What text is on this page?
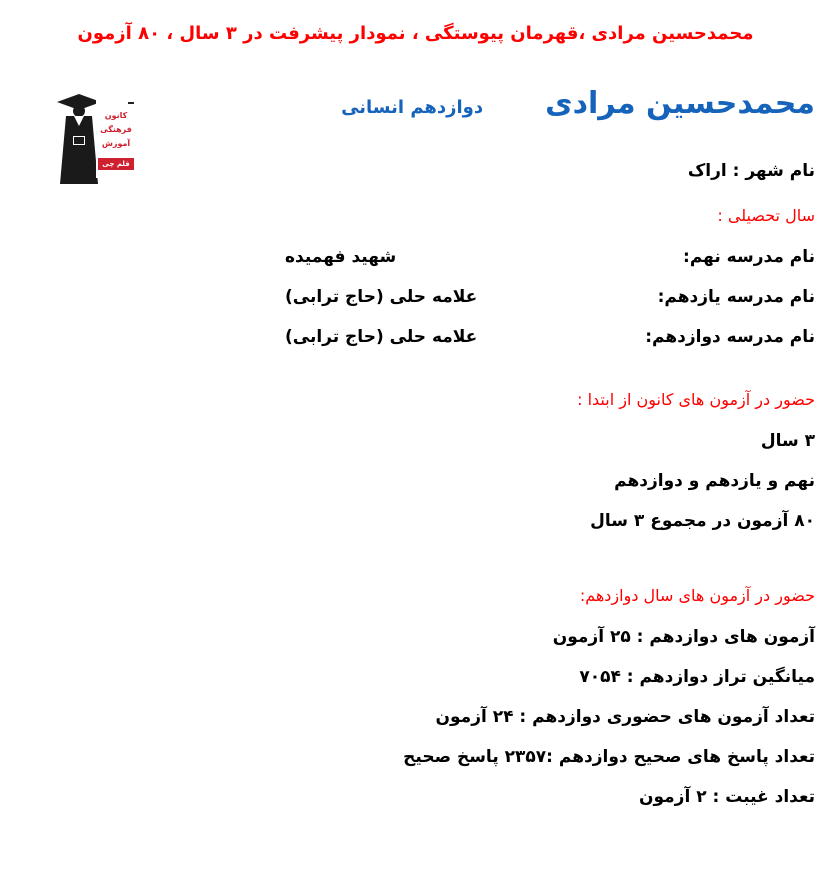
محمدحسین مرادی ،قهرمان پیوستگی ، نمودار پیشرفت در ۳ سال ، ۸۰ آزمون
کانون
فرهنگی
آموزش
قلم چی
محمدحسین مرادی
دوازدهم انسانی
نام شهر : اراک
سال تحصیلی :
نام مدرسه نهم:
شهید فهمیده
نام مدرسه یازدهم:
علامه حلی (حاج ترابی)
نام مدرسه دوازدهم:
علامه حلی (حاج ترابی)
حضور در آزمون های کانون از ابتدا :
۳ سال
نهم و یازدهم و دوازدهم
۸۰ آزمون در مجموع ۳ سال
حضور در آزمون های سال دوازدهم:
آزمون های دوازدهم : ۲۵ آزمون
میانگین تراز دوازدهم : ۷۰۵۴
تعداد آزمون های حضوری دوازدهم : ۲۴ آزمون
تعداد پاسخ های صحیح دوازدهم :۲۳۵۷ پاسخ صحیح
تعداد غیبت : ۲ آزمون
